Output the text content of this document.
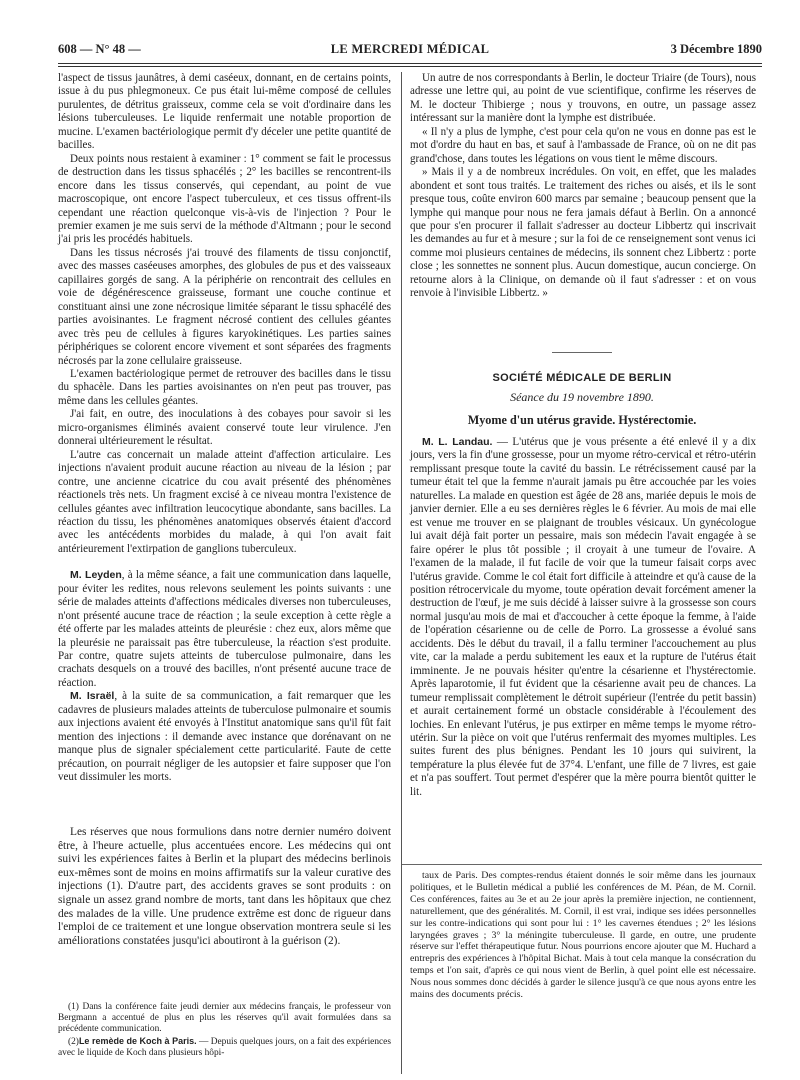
608 — N° 48 —	LE MERCREDI MÉDICAL	3 Décembre 1890

l'aspect de tissus jaunâtres, à demi caséeux, donnant, en de certains points, issue à du pus phlegmoneux. Ce pus était lui-même composé de cellules purulentes, de détritus graisseux, comme cela se voit d'ordinaire dans les lésions tuberculeuses. Le liquide renfermait une notable proportion de mucine. L'examen bactériologique permit d'y déceler une petite quantité de bacilles.

Deux points nous restaient à examiner : 1° comment se fait le processus de destruction dans les tissus sphacélés ; 2° les bacilles se rencontrent-ils encore dans les tissus conservés, qui cependant, au point de vue macroscopique, ont encore l'aspect tuberculeux, et ces tissus offrent-ils cependant une réaction quelconque vis-à-vis de l'injection ? Pour le premier examen je me suis servi de la méthode d'Altmann ; pour le second j'ai pris les procédés habituels.

Dans les tissus nécrosés j'ai trouvé des filaments de tissu conjonctif, avec des masses caséeuses amorphes, des globules de pus et des vaisseaux capillaires gorgés de sang. A la périphérie on rencontrait des cellules en voie de dégénérescence graisseuse, formant une couche continue et constituant ainsi une zone nécrosique limitée séparant le tissu sphacélé des parties avoisinantes. Le fragment nécrosé contient des cellules géantes avec très peu de cellules à figures karyokinétiques. Les parties saines périphériques se colorent encore vivement et sont séparées des fragments nécrosés par la zone cellulaire graisseuse.

L'examen bactériologique permet de retrouver des bacilles dans le tissu du sphacèle. Dans les parties avoisinantes on n'en peut pas trouver, pas même dans les cellules géantes.

J'ai fait, en outre, des inoculations à des cobayes pour savoir si les micro-organismes éliminés avaient conservé toute leur virulence. J'en donnerai ultérieurement le résultat.

L'autre cas concernait un malade atteint d'affection articulaire. Les injections n'avaient produit aucune réaction au niveau de la lésion ; par contre, une ancienne cicatrice du cou avait présenté des phénomènes réactionels très nets. Un fragment excisé à ce niveau montra l'existence de cellules géantes avec infiltration leucocytique abondante, sans bacilles. La réaction du tissu, les phénomènes anatomiques observés étaient d'accord avec les antécédents morbides du malade, à qui l'on avait fait antérieurement l'extirpation de ganglions tuberculeux.

M. Leyden, à la même séance, a fait une communication dans laquelle, pour éviter les redites, nous relevons seulement les points suivants : une série de malades atteints d'affections médicales diverses non tuberculeuses, n'ont présenté aucune trace de réaction ; la seule exception à cette règle a été offerte par les malades atteints de pleurésie : chez eux, alors même que la pleurésie ne paraissait pas être tuberculeuse, la réaction s'est produite. Par contre, quatre sujets atteints de tuberculose pulmonaire, dans les crachats desquels on a trouvé des bacilles, n'ont présenté aucune trace de réaction.

M. Israël, à la suite de sa communication, a fait remarquer que les cadavres de plusieurs malades atteints de tuberculose pulmonaire et soumis aux injections avaient été envoyés à l'Institut anatomique sans qu'il fût fait mention des injections : il demande avec instance que dorénavant on ne manque plus de signaler spécialement cette particularité. Faute de cette précaution, on pourrait négliger de les autopsier et faire supposer que l'on veut dissimuler les morts.

Les réserves que nous formulions dans notre dernier numéro doivent être, à l'heure actuelle, plus accentuées encore. Les médecins qui ont suivi les expériences faites à Berlin et la plupart des médecins berlinois eux-mêmes sont de moins en moins affirmatifs sur la valeur curative des injections (1). D'autre part, des accidents graves se sont produits : on signale un assez grand nombre de morts, tant dans les hôpitaux que chez des malades de la ville. Une prudence extrême est donc de rigueur dans l'emploi de ce traitement et une longue observation montrera seule si les améliorations constatées jusqu'ici aboutiront à la guérison (2).

(1) Dans la conférence faite jeudi dernier aux médecins français, le professeur von Bergmann a accentué de plus en plus les réserves qu'il avait formulées dans sa précédente communication.

(2)Le remède de Koch à Paris. — Depuis quelques jours, on a fait des expériences avec le liquide de Koch dans plusieurs hôpi-

Un autre de nos correspondants à Berlin, le docteur Triaire (de Tours), nous adresse une lettre qui, au point de vue scientifique, confirme les réserves de M. le docteur Thibierge ; nous y trouvons, en outre, un passage assez intéressant sur la manière dont la lymphe est distribuée.

« Il n'y a plus de lymphe, c'est pour cela qu'on ne vous en donne pas est le mot d'ordre du haut en bas, et sauf à l'ambassade de France, où on ne dit pas grand'chose, dans toutes les légations on vous tient le même discours.

» Mais il y a de nombreux incrédules. On voit, en effet, que les malades abondent et sont tous traités. Le traitement des riches ou aisés, et ils le sont presque tous, coûte environ 600 marcs par semaine ; beaucoup pensent que la lymphe qui manque pour nous ne fera jamais défaut à Berlin. On a annoncé que pour s'en procurer il fallait s'adresser au docteur Libbertz qui inscrivait les demandes au fur et à mesure ; sur la foi de ce renseignement sont venus ici comme moi plusieurs centaines de médecins, ils sonnent chez Libbertz : porte close ; les sonnettes ne sonnent plus. Aucun domestique, aucun concierge. On retourne alors à la Clinique, on demande où il faut s'adresser : et on vous renvoie à l'invisible Libbertz. »

SOCIÉTÉ MÉDICALE DE BERLIN
Séance du 19 novembre 1890.
Myome d'un utérus gravide. Hystérectomie.

M. L. Landau. — L'utérus que je vous présente a été enlevé il y a dix jours, vers la fin d'une grossesse, pour un myome rétro-cervical et rétro-utérin remplissant presque toute la cavité du bassin. Le rétrécissement causé par la tumeur était tel que la femme n'aurait jamais pu être accouchée par les voies naturelles. La malade en question est âgée de 28 ans, mariée depuis le mois de janvier dernier. Elle a eu ses dernières règles le 6 février. Au mois de mai elle est venue me trouver en se plaignant de troubles vésicaux. Un gynécologue lui avait déjà fait porter un pessaire, mais son médecin l'avait engagée à se faire opérer le plus tôt possible ; il croyait à une tumeur de l'ovaire. A l'examen de la malade, il fut facile de voir que la tumeur faisait corps avec l'utérus gravide. Comme le col était fort difficile à atteindre et qu'à cause de la position rétrocervicale du myome, toute opération devait forcément amener la destruction de l'œuf, je me suis décidé à laisser suivre à la grossesse son cours normal jusqu'au mois de mai et d'accoucher à cette époque la femme, à l'aide de l'opération césarienne ou de celle de Porro. La grossesse a évolué sans accidents. Dès le début du travail, il a fallu terminer l'accouchement au plus vite, car la malade a perdu subitement les eaux et la rupture de l'utérus était imminente. Je ne pouvais hésiter qu'entre la césarienne et l'hystérectomie. Après laparotomie, il fut évident que la césarienne avait peu de chances. La tumeur remplissait complètement le détroit supérieur (l'entrée du petit bassin) et aurait certainement formé un obstacle considérable à l'écoulement des lochies. En enlevant l'utérus, je pus extirper en même temps le myome rétro-utérin. Sur la pièce on voit que l'utérus renfermait des myomes multiples. Les suites furent des plus bénignes. Pendant les 10 jours qui suivirent, la température la plus élevée fut de 37°4. L'enfant, une fille de 7 livres, est gaie et n'a pas souffert. Tout permet d'espérer que la mère pourra bientôt quitter le lit.

taux de Paris. Des comptes-rendus étaient donnés le soir même dans les journaux politiques, et le Bulletin médical a publié les conférences de M. Péan, de M. Cornil. Ces conférences, faites au 3e et au 2e jour après la première injection, ne contiennent, naturellement, que des généralités. M. Cornil, il est vrai, indique ses idées personnelles sur les contre-indications qui sont pour lui : 1° les cavernes étendues ; 2° les lésions laryngées graves ; 3° la méningite tuberculeuse. Il garde, en outre, une prudente réserve sur l'effet thérapeutique futur. Nous pourrions encore ajouter que M. Huchard a entrepris des expériences à l'hôpital Bichat. Mais à tout cela manque la consécration du temps et l'on sait, d'après ce qui nous vient de Berlin, à quel point elle est nécessaire. Nous nous sommes donc décidés à garder le silence jusqu'à ce que nous ayons entre les mains des documents précis.
